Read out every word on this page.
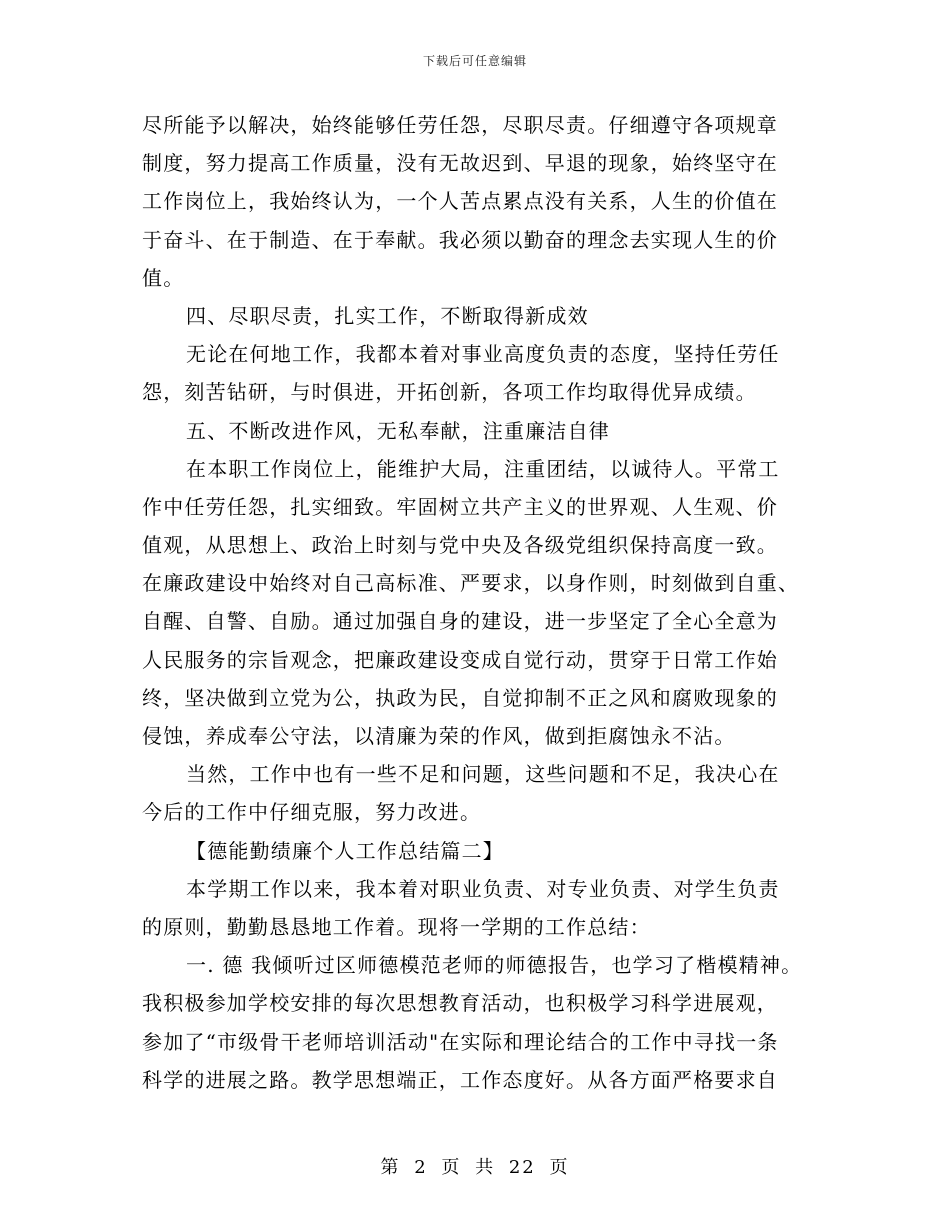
下载后可任意编辑
尽所能予以解决，始终能够任劳任怨，尽职尽责。仔细遵守各项规章
制度，努力提高工作质量，没有无故迟到、早退的现象，始终坚守在
工作岗位上，我始终认为，一个人苦点累点没有关系，人生的价值在
于奋斗、在于制造、在于奉献。我必须以勤奋的理念去实现人生的价
值。
四、尽职尽责，扎实工作，不断取得新成效
无论在何地工作，我都本着对事业高度负责的态度，坚持任劳任
怨，刻苦钻研，与时俱进，开拓创新，各项工作均取得优异成绩。
五、不断改进作风，无私奉献，注重廉洁自律
在本职工作岗位上，能维护大局，注重团结，以诚待人。平常工
作中任劳任怨，扎实细致。牢固树立共产主义的世界观、人生观、价
值观，从思想上、政治上时刻与党中央及各级党组织保持高度一致。
在廉政建设中始终对自己高标准、严要求，以身作则，时刻做到自重、
自醒、自警、自励。通过加强自身的建设，进一步坚定了全心全意为
人民服务的宗旨观念，把廉政建设变成自觉行动，贯穿于日常工作始
终，坚决做到立党为公，执政为民，自觉抑制不正之风和腐败现象的
侵蚀，养成奉公守法，以清廉为荣的作风，做到拒腐蚀永不沾。
当然，工作中也有一些不足和问题，这些问题和不足，我决心在
今后的工作中仔细克服，努力改进。
【德能勤绩廉个人工作总结篇二】
本学期工作以来，我本着对职业负责、对专业负责、对学生负责
的原则，勤勤恳恳地工作着。现将一学期的工作总结：
一. 德 我倾听过区师德模范老师的师德报告，也学习了楷模精神。
我积极参加学校安排的每次思想教育活动，也积极学习科学进展观，
参加了“市级骨干老师培训活动"在实际和理论结合的工作中寻找一条
科学的进展之路。教学思想端正，工作态度好。从各方面严格要求自
第 2 页 共 22 页
